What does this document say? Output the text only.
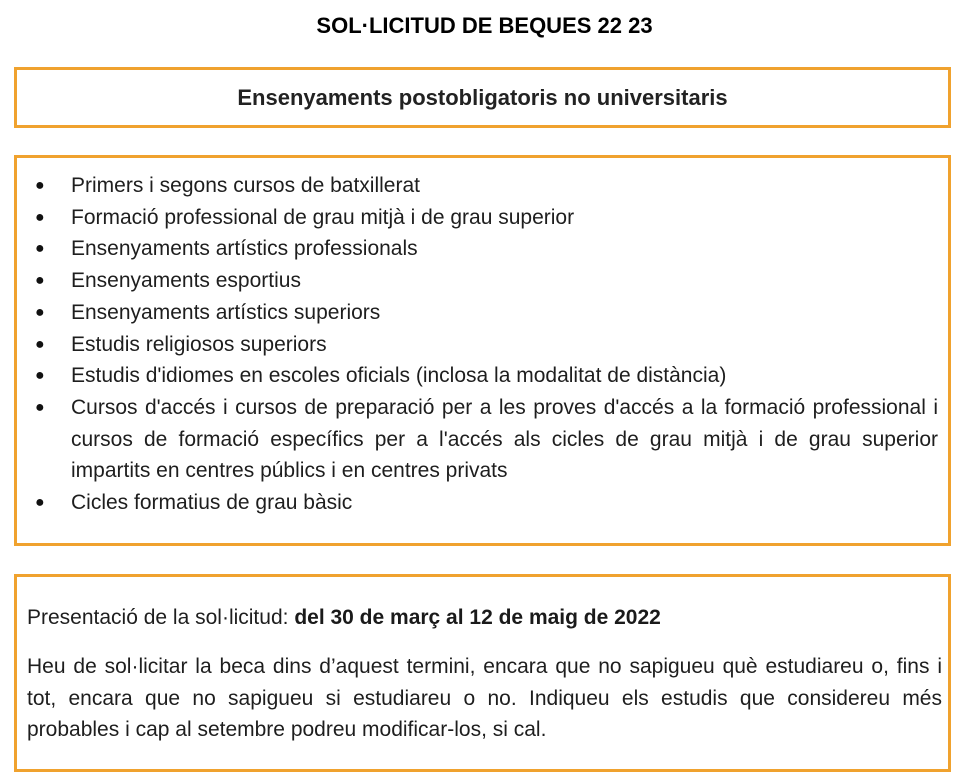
SOL·LICITUD DE BEQUES 22 23
Ensenyaments postobligatoris no universitaris
● Primers i segons cursos de batxillerat
● Formació professional de grau mitjà i de grau superior
● Ensenyaments artístics professionals
● Ensenyaments esportius
● Ensenyaments artístics superiors
● Estudis religiosos superiors
● Estudis d'idiomes en escoles oficials (inclosa la modalitat de distància)
● Cursos d'accés i cursos de preparació per a les proves d'accés a la formació professional i cursos de formació específics per a l'accés als cicles de grau mitjà i de grau superior impartits en centres públics i en centres privats
● Cicles formatius de grau bàsic
Presentació de la sol·licitud: del 30 de març al 12 de maig de 2022
Heu de sol·licitar la beca dins d’aquest termini, encara que no sapigueu què estudiareu o, fins i tot, encara que no sapigueu si estudiareu o no. Indiqueu els estudis que considereu més probables i cap al setembre podreu modificar-los, si cal.
